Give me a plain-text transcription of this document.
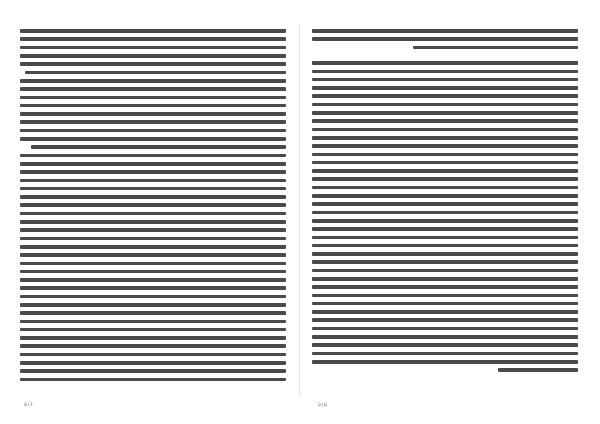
۵۱۶	۵۱۵
